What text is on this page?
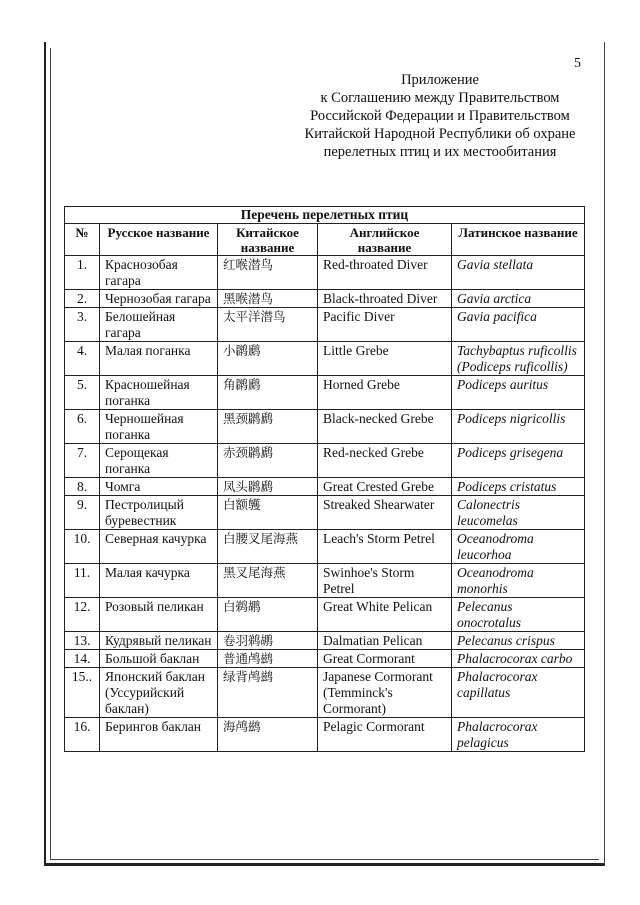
5
Приложение
к Соглашению между Правительством
Российской Федерации и Правительством
Китайской Народной Республики об охране
перелетных птиц и их местообитания
Перечень перелетных птиц				
№	Русское название	Китайское название	Английское название	Латинское название
1.	Краснозобая гагара	红喉潜鸟	Red-throated Diver	Gavia stellata
2.	Чернозобая гагара	黑喉潜鸟	Black-throated Diver	Gavia arctica
3.	Белошейная гагара	太平洋潜鸟	Pacific Diver	Gavia pacifica
4.	Малая поганка	小䴙䴘	Little Grebe	Tachybaptus ruficollis (Podiceps ruficollis)
5.	Красношейная поганка	角䴙䴘	Horned Grebe	Podiceps auritus
6.	Черношейная поганка	黑颈䴙䴘	Black-necked Grebe	Podiceps nigricollis
7.	Серощекая поганка	赤颈䴙䴘	Red-necked Grebe	Podiceps grisegena
8.	Чомга	凤头䴙䴘	Great Crested Grebe	Podiceps cristatus
9.	Пестролицый буревестник	白额鹱	Streaked Shearwater	Calonectris leucomelas
10.	Северная качурка	白腰叉尾海燕	Leach's Storm Petrel	Oceanodroma leucorhoa
11.	Малая качурка	黑叉尾海燕	Swinhoe's Storm Petrel	Oceanodroma monorhis
12.	Розовый пеликан	白鹈鹕	Great White Pelican	Pelecanus onocrotalus
13.	Кудрявый пеликан	卷羽鹈鹕	Dalmatian Pelican	Pelecanus crispus
14.	Большой баклан	普通鸬鹚	Great Cormorant	Phalacrocorax carbo
15..	Японский баклан (Уссурийский баклан)	绿背鸬鹚	Japanese Cormorant (Temminck's Cormorant)	Phalacrocorax capillatus
16.	Берингов баклан	海鸬鹚	Pelagic Cormorant	Phalacrocorax pelagicus
